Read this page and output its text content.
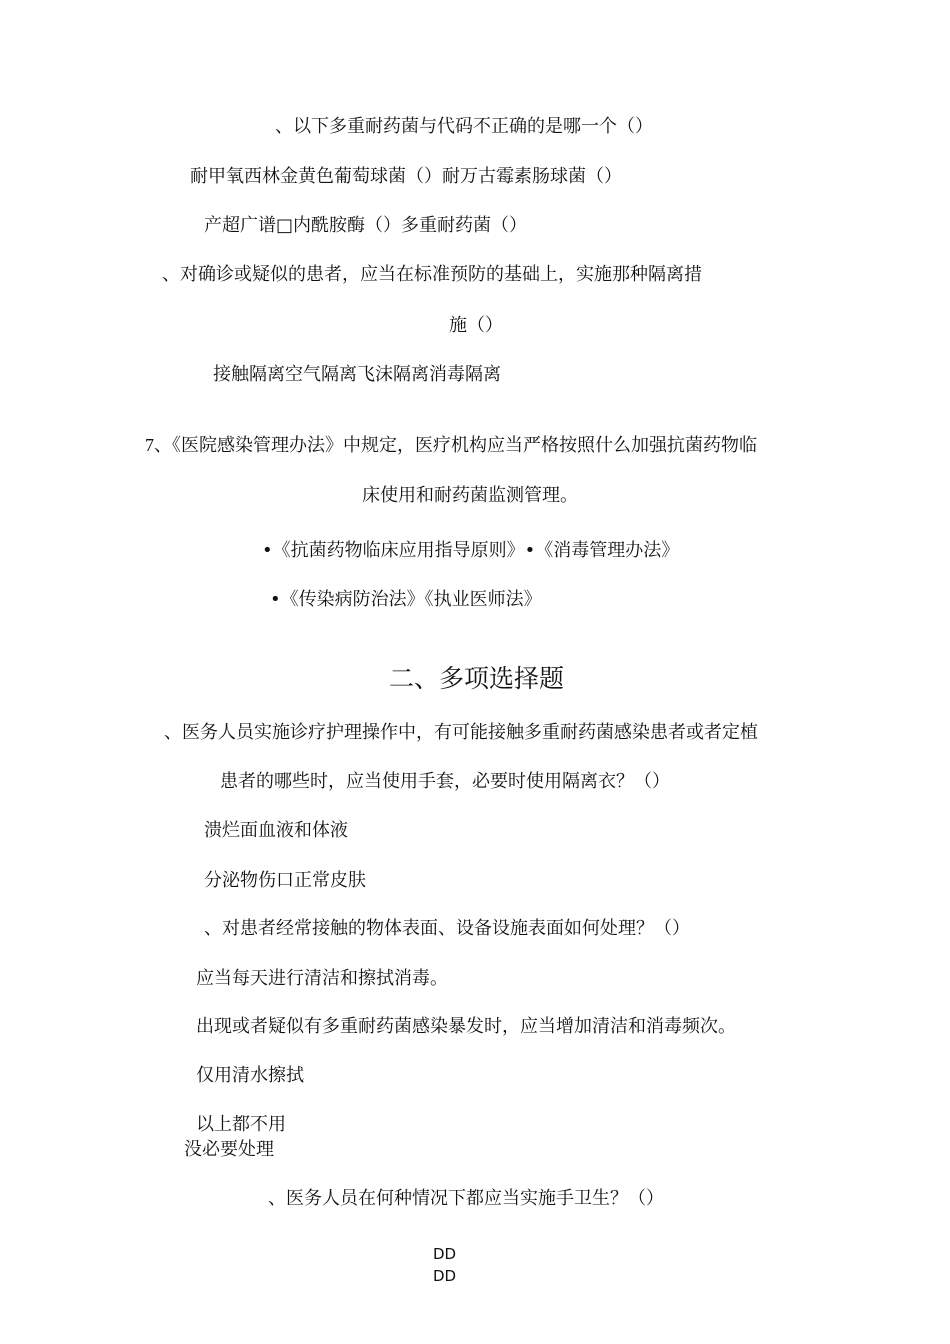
、以下多重耐药菌与代码不正确的是哪一个（）
耐甲氧西林金黄色葡萄球菌（）耐万古霉素肠球菌（）
产超广谱□内酰胺酶（）多重耐药菌（）
、对确诊或疑似的患者，应当在标准预防的基础上，实施那种隔离措
施（）
接触隔离空气隔离飞沫隔离消毒隔离
7、《医院感染管理办法》中规定，医疗机构应当严格按照什么加强抗菌药物临
床使用和耐药菌监测管理。
•《抗菌药物临床应用指导原则》•《消毒管理办法》
•《传染病防治法》《执业医师法》
二、多项选择题
、医务人员实施诊疗护理操作中，有可能接触多重耐药菌感染患者或者定植
患者的哪些时，应当使用手套，必要时使用隔离衣？（）
溃烂面血液和体液
分泌物伤口正常皮肤
、对患者经常接触的物体表面、设备设施表面如何处理？（）
应当每天进行清洁和擦拭消毒。
出现或者疑似有多重耐药菌感染暴发时，应当增加清洁和消毒频次。
仅用清水擦拭
以上都不用
没必要处理
、医务人员在何种情况下都应当实施手卫生？（）
DD
DD
